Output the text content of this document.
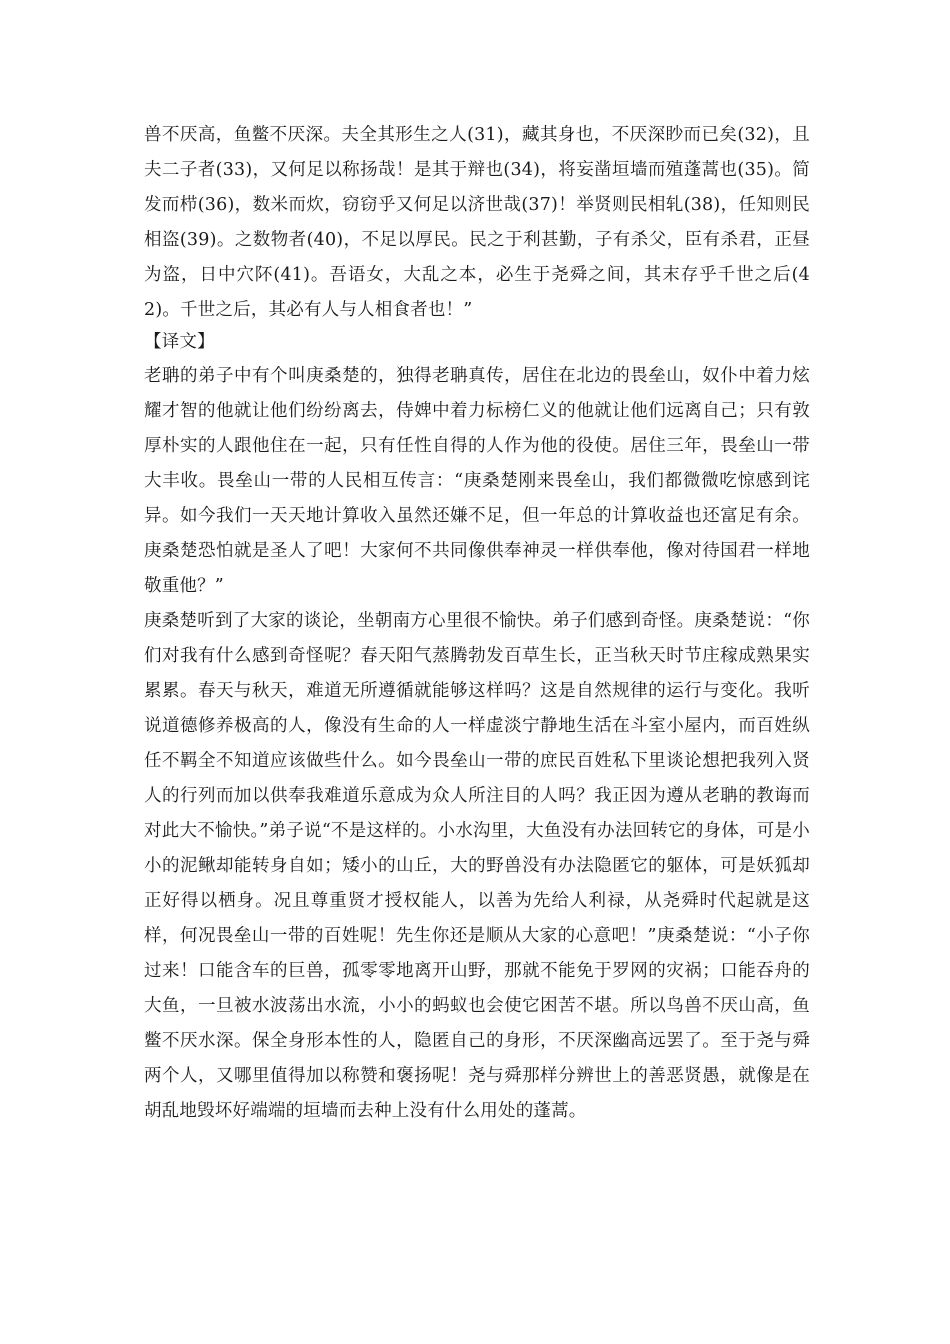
兽不厌高，鱼鳖不厌深。夫全其形生之人(31)，藏其身也，不厌深眇而已矣(32)，且夫二子者(33)，又何足以称扬哉！是其于辩也(34)，将妄凿垣墙而殖蓬蒿也(35)。简发而栉(36)，数米而炊，窃窃乎又何足以济世哉(37)！举贤则民相轧(38)，任知则民相盗(39)。之数物者(40)，不足以厚民。民之于利甚勤，子有杀父，臣有杀君，正昼为盗，日中穴阫(41)。吾语女，大乱之本，必生于尧舜之间，其末存乎千世之后(42)。千世之后，其必有人与人相食者也！”

【译文】

老聃的弟子中有个叫庚桑楚的，独得老聃真传，居住在北边的畏垒山，奴仆中着力炫耀才智的他就让他们纷纷离去，侍婢中着力标榜仁义的他就让他们远离自己；只有敦厚朴实的人跟他住在一起，只有任性自得的人作为他的役使。居住三年，畏垒山一带大丰收。畏垒山一带的人民相互传言：“庚桑楚刚来畏垒山，我们都微微吃惊感到诧异。如今我们一天天地计算收入虽然还嫌不足，但一年总的计算收益也还富足有余。庚桑楚恐怕就是圣人了吧！大家何不共同像供奉神灵一样供奉他，像对待国君一样地敬重他？”

庚桑楚听到了大家的谈论，坐朝南方心里很不愉快。弟子们感到奇怪。庚桑楚说：“你们对我有什么感到奇怪呢？春天阳气蒸腾勃发百草生长，正当秋天时节庄稼成熟果实累累。春天与秋天，难道无所遵循就能够这样吗？这是自然规律的运行与变化。我听说道德修养极高的人，像没有生命的人一样虚淡宁静地生活在斗室小屋内，而百姓纵任不羁全不知道应该做些什么。如今畏垒山一带的庶民百姓私下里谈论想把我列入贤人的行列而加以供奉我难道乐意成为众人所注目的人吗？我正因为遵从老聃的教诲而对此大不愉快。”弟子说“不是这样的。小水沟里，大鱼没有办法回转它的身体，可是小小的泥鳅却能转身自如；矮小的山丘，大的野兽没有办法隐匿它的躯体，可是妖狐却正好得以栖身。况且尊重贤才授权能人，以善为先给人利禄，从尧舜时代起就是这样，何况畏垒山一带的百姓呢！先生你还是顺从大家的心意吧！”庚桑楚说：“小子你过来！口能含车的巨兽，孤零零地离开山野，那就不能免于罗网的灾祸；口能吞舟的大鱼，一旦被水波荡出水流，小小的蚂蚁也会使它困苦不堪。所以鸟兽不厌山高，鱼鳖不厌水深。保全身形本性的人，隐匿自己的身形，不厌深幽高远罢了。至于尧与舜两个人，又哪里值得加以称赞和褒扬呢！尧与舜那样分辨世上的善恶贤愚，就像是在胡乱地毁坏好端端的垣墙而去种上没有什么用处的蓬蒿。
